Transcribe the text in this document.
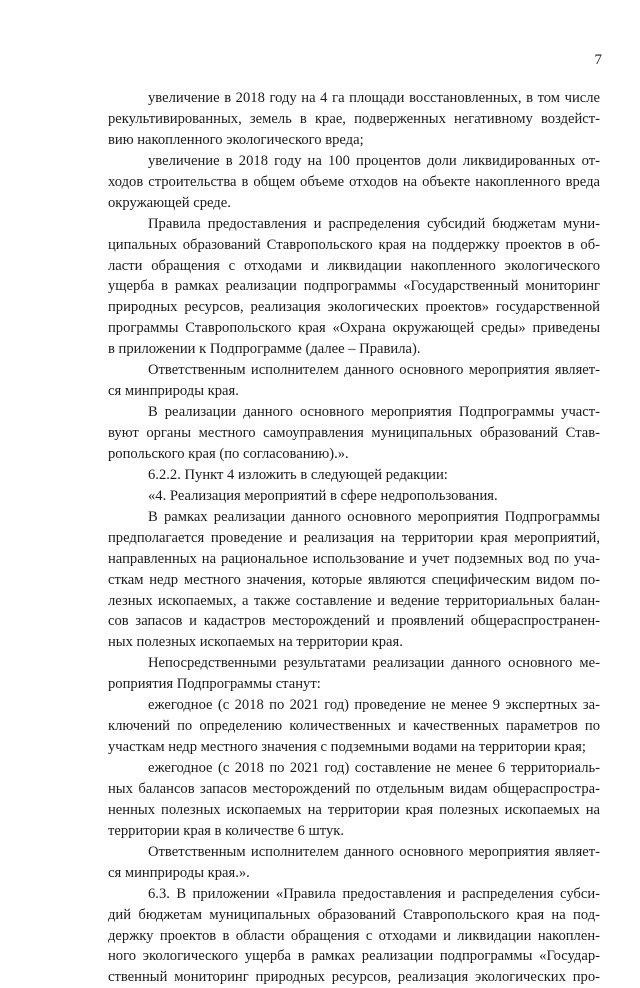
7
увеличение в 2018 году на 4 га площади восстановленных, в том числе
рекультивированных, земель в крае, подверженных негативному воздейст-
вию накопленного экологического вреда;
увеличение в 2018 году на 100 процентов доли ликвидированных от-
ходов строительства в общем объеме отходов на объекте накопленного вреда
окружающей среде.
Правила предоставления и распределения субсидий бюджетам муни-
ципальных образований Ставропольского края на поддержку проектов в об-
ласти обращения с отходами и ликвидации накопленного экологического
ущерба в рамках реализации подпрограммы «Государственный мониторинг
природных ресурсов, реализация экологических проектов» государственной
программы Ставропольского края «Охрана окружающей среды» приведены
в приложении к Подпрограмме (далее – Правила).
Ответственным исполнителем данного основного мероприятия являет-
ся минприроды края.
В реализации данного основного мероприятия Подпрограммы участ-
вуют органы местного самоуправления муниципальных образований Став-
ропольского края (по согласованию).».
6.2.2. Пункт 4 изложить в следующей редакции:
«4. Реализация мероприятий в сфере недропользования.
В рамках реализации данного основного мероприятия Подпрограммы
предполагается проведение и реализация на территории края мероприятий,
направленных на рациональное использование и учет подземных вод по уча-
сткам недр местного значения, которые являются специфическим видом по-
лезных ископаемых, а также составление и ведение территориальных балан-
сов запасов и кадастров месторождений и проявлений общераспространен-
ных полезных ископаемых на территории края.
Непосредственными результатами реализации данного основного ме-
роприятия Подпрограммы станут:
ежегодное (с 2018 по 2021 год) проведение не менее 9 экспертных за-
ключений по определению количественных и качественных параметров по
участкам недр местного значения с подземными водами на территории края;
ежегодное (с 2018 по 2021 год) составление не менее 6 территориаль-
ных балансов запасов месторождений по отдельным видам общераспростра-
ненных полезных ископаемых на территории края полезных ископаемых на
территории края в количестве 6 штук.
Ответственным исполнителем данного основного мероприятия являет-
ся минприроды края.».
6.3. В приложении «Правила предоставления и распределения субси-
дий бюджетам муниципальных образований Ставропольского края на под-
держку проектов в области обращения с отходами и ликвидации накоплен-
ного экологического ущерба в рамках реализации подпрограммы «Государ-
ственный мониторинг природных ресурсов, реализация экологических про-
